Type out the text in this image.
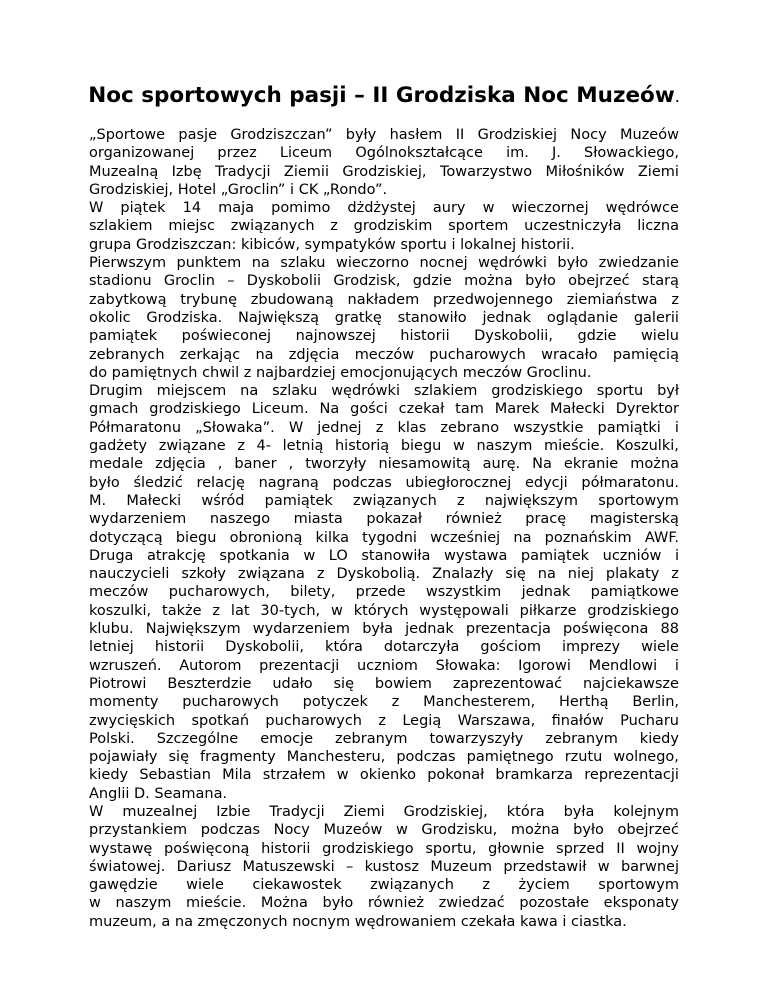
Noc sportowych pasji – II Grodziska Noc Muzeów.
„Sportowe pasje Grodziszczan” były hasłem II Grodziskiej Nocy Muzeów
organizowanej przez Liceum Ogólnokształcące im. J. Słowackiego,
Muzealną Izbę Tradycji Ziemii Grodziskiej, Towarzystwo Miłośników Ziemi
Grodziskiej, Hotel „Groclin” i CK „Rondo”.
W piątek 14 maja pomimo dżdżystej aury w wieczornej wędrówce
szlakiem miejsc związanych z grodziskim sportem uczestniczyła liczna
grupa Grodziszczan: kibiców, sympatyków sportu i lokalnej historii.
Pierwszym punktem na szlaku wieczorno nocnej wędrówki było zwiedzanie
stadionu Groclin – Dyskobolii Grodzisk, gdzie można było obejrzeć starą
zabytkową trybunę zbudowaną nakładem przedwojennego ziemiaństwa z
okolic Grodziska. Największą gratkę stanowiło jednak oglądanie galerii
pamiątek poświeconej najnowszej historii Dyskobolii, gdzie wielu
zebranych zerkając na zdjęcia meczów pucharowych wracało pamięcią
do pamiętnych chwil z najbardziej emocjonujących meczów Groclinu.
Drugim miejscem na szlaku wędrówki szlakiem grodziskiego sportu był
gmach grodziskiego Liceum. Na gości czekał tam Marek Małecki Dyrektor
Półmaratonu „Słowaka”. W jednej z klas zebrano wszystkie pamiątki i
gadżety związane z 4- letnią historią biegu w naszym mieście. Koszulki,
medale zdjęcia , baner , tworzyły niesamowitą aurę. Na ekranie można
było śledzić relację nagraną podczas ubiegłorocznej edycji półmaratonu.
M. Małecki wśród pamiątek związanych z największym sportowym
wydarzeniem naszego miasta pokazał również pracę magisterską
dotyczącą biegu obronioną kilka tygodni wcześniej na poznańskim AWF.
Druga atrakcję spotkania w LO stanowiła wystawa pamiątek uczniów i
nauczycieli szkoły związana z Dyskobolią. Znalazły się na niej plakaty z
meczów pucharowych, bilety, przede wszystkim jednak pamiątkowe
koszulki, także z lat 30-tych, w których występowali piłkarze grodziskiego
klubu. Największym wydarzeniem była jednak prezentacja poświęcona 88
letniej historii Dyskobolii, która dotarczyła gościom imprezy wiele
wzruszeń. Autorom prezentacji uczniom Słowaka: Igorowi Mendlowi i
Piotrowi Beszterdzie udało się bowiem zaprezentować najciekawsze
momenty pucharowych potyczek z Manchesterem, Herthą Berlin,
zwycięskich spotkań pucharowych z Legią Warszawa, finałów Pucharu
Polski. Szczególne emocje zebranym towarzyszyły zebranym kiedy
pojawiały się fragmenty Manchesteru, podczas pamiętnego rzutu wolnego,
kiedy Sebastian Mila strzałem w okienko pokonał bramkarza reprezentacji
Anglii D. Seamana.
W muzealnej Izbie Tradycji Ziemi Grodziskiej, która była kolejnym
przystankiem podczas Nocy Muzeów w Grodzisku, można było obejrzeć
wystawę poświęconą historii grodziskiego sportu, głownie sprzed II wojny
światowej. Dariusz Matuszewski – kustosz Muzeum przedstawił w barwnej
gawędzie wiele ciekawostek związanych z życiem sportowym
w naszym mieście. Można było również zwiedzać pozostałe eksponaty
muzeum, a na zmęczonych nocnym wędrowaniem czekała kawa i ciastka.
